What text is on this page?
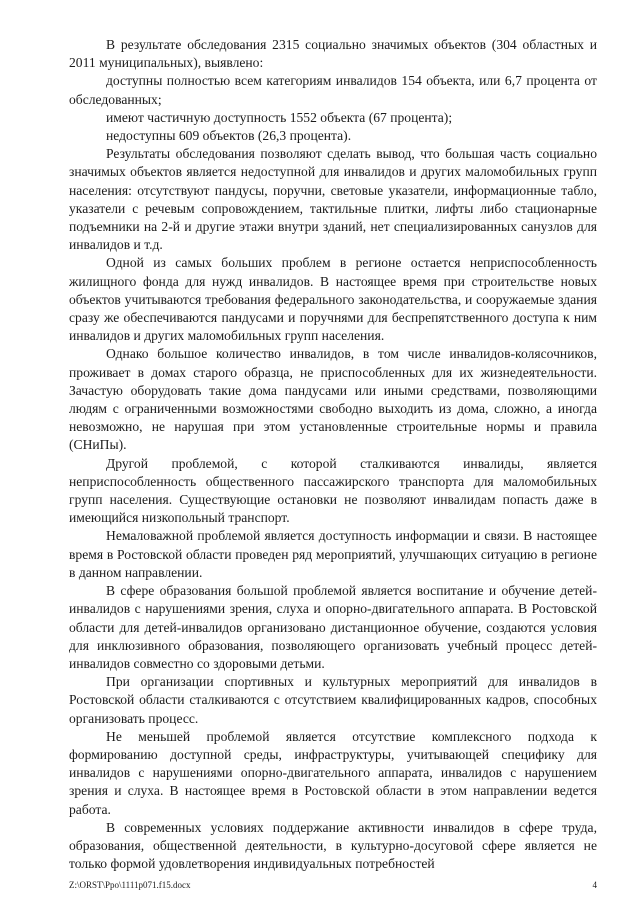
В результате обследования 2315 социально значимых объектов (304 областных и 2011 муниципальных), выявлено:

доступны полностью всем категориям инвалидов 154 объекта, или 6,7 процента от обследованных;

имеют частичную доступность 1552 объекта (67 процента);

недоступны 609 объектов (26,3 процента).

Результаты обследования позволяют сделать вывод, что большая часть социально значимых объектов является недоступной для инвалидов и других маломобильных групп населения: отсутствуют пандусы, поручни, световые указатели, информационные табло, указатели с речевым сопровождением, тактильные плитки, лифты либо стационарные подъемники на 2-й и другие этажи внутри зданий, нет специализированных санузлов для инвалидов и т.д.

Одной из самых больших проблем в регионе остается неприспособленность жилищного фонда для нужд инвалидов. В настоящее время при строительстве новых объектов учитываются требования федерального законодательства, и сооружаемые здания сразу же обеспечиваются пандусами и поручнями для беспрепятственного доступа к ним инвалидов и других маломобильных групп населения.

Однако большое количество инвалидов, в том числе инвалидов-колясочников, проживает в домах старого образца, не приспособленных для их жизнедеятельности. Зачастую оборудовать такие дома пандусами или иными средствами, позволяющими людям с ограниченными возможностями свободно выходить из дома, сложно, а иногда невозможно, не нарушая при этом установленные строительные нормы и правила (СНиПы).

Другой проблемой, с которой сталкиваются инвалиды, является неприспособленность общественного пассажирского транспорта для маломобильных групп населения. Существующие остановки не позволяют инвалидам попасть даже в имеющийся низкопольный транспорт.

Немаловажной проблемой является доступность информации и связи. В настоящее время в Ростовской области проведен ряд мероприятий, улучшающих ситуацию в регионе в данном направлении.

В сфере образования большой проблемой является воспитание и обучение детей-инвалидов с нарушениями зрения, слуха и опорно-двигательного аппарата. В Ростовской области для детей-инвалидов организовано дистанционное обучение, создаются условия для инклюзивного образования, позволяющего организовать учебный процесс детей-инвалидов совместно со здоровыми детьми.

При организации спортивных и культурных мероприятий для инвалидов в Ростовской области сталкиваются с отсутствием квалифицированных кадров, способных организовать процесс.

Не меньшей проблемой является отсутствие комплексного подхода к формированию доступной среды, инфраструктуры, учитывающей специфику для инвалидов с нарушениями опорно-двигательного аппарата, инвалидов с нарушением зрения и слуха. В настоящее время в Ростовской области в этом направлении ведется работа.

В современных условиях поддержание активности инвалидов в сфере труда, образования, общественной деятельности, в культурно-досуговой сфере является не только формой удовлетворения индивидуальных потребностей

Z:\ORST\Ppo\1111p071.f15.docx	4
